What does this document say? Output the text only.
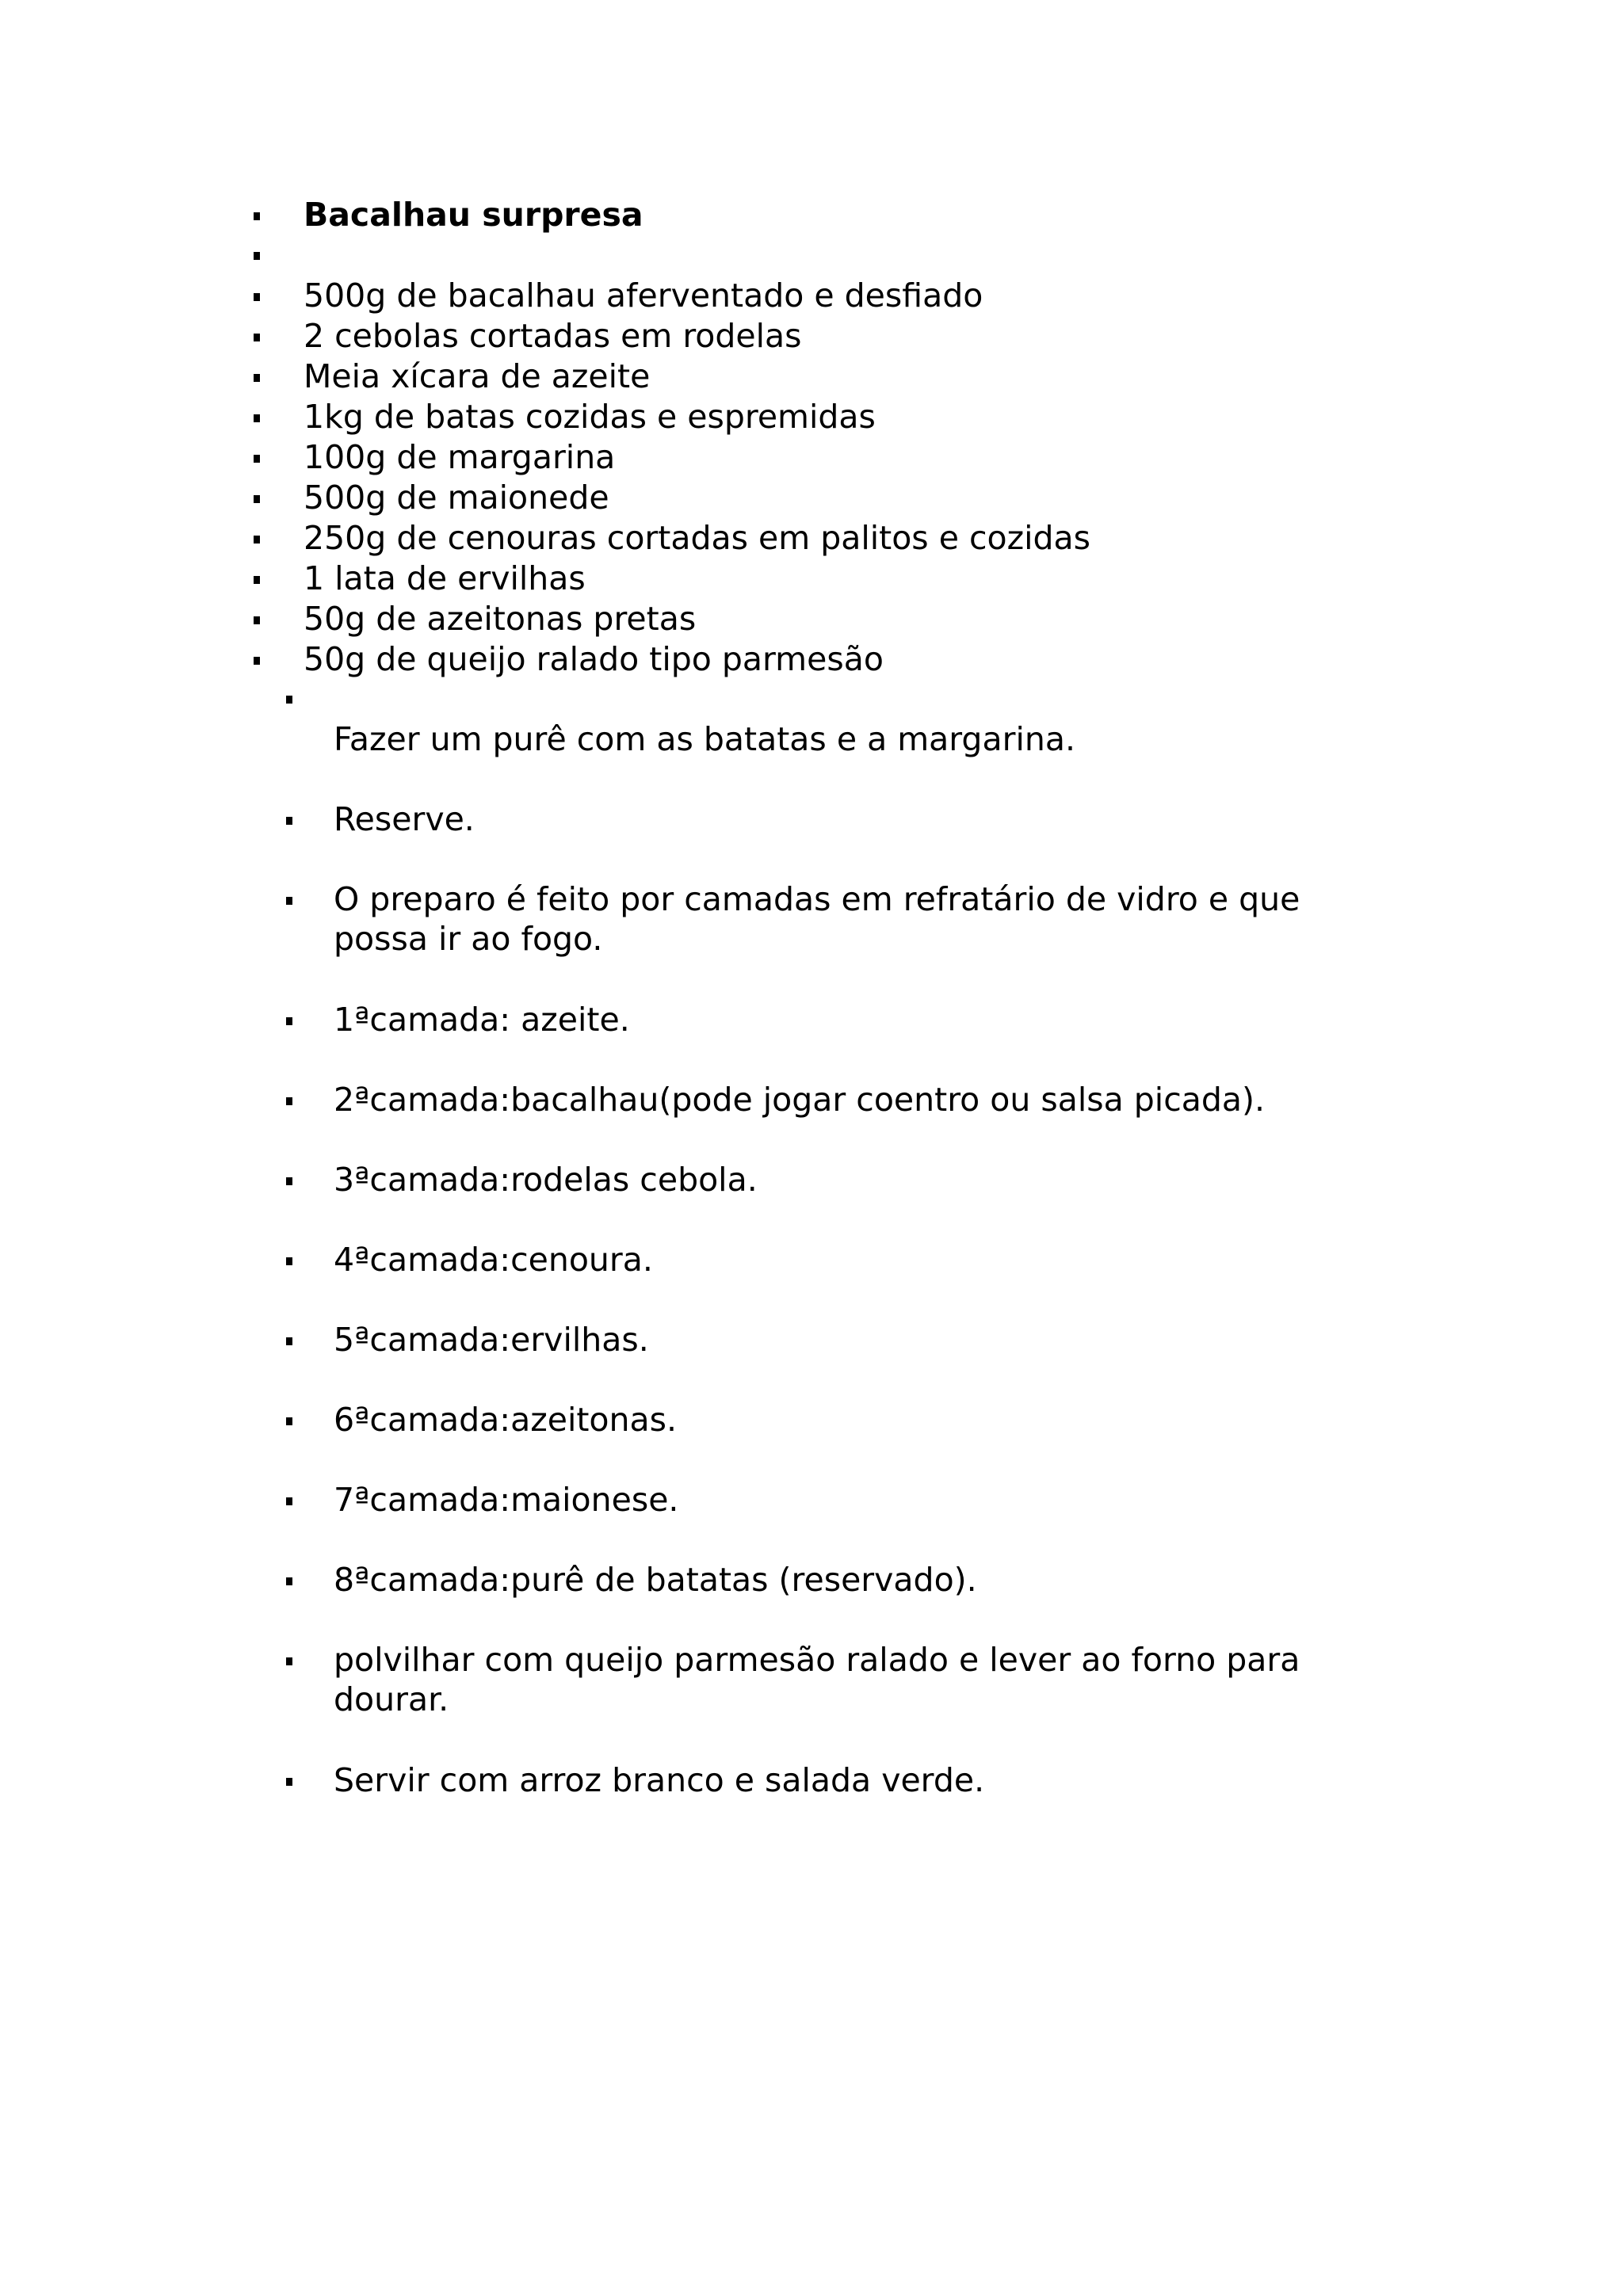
Bacalhau surpresa
500g de bacalhau aferventado e desfiado
2 cebolas cortadas em rodelas
Meia xícara de azeite
1kg de batas cozidas e espremidas
100g de margarina
500g de maionede
250g de cenouras cortadas em palitos e cozidas
1 lata de ervilhas
50g de azeitonas pretas
50g de queijo ralado tipo parmesão
Fazer um purê com as batatas e a margarina.
Reserve.
O preparo é feito por camadas em refratário de vidro e que possa ir ao fogo.
1ªcamada: azeite.
2ªcamada:bacalhau(pode jogar coentro ou salsa picada).
3ªcamada:rodelas cebola.
4ªcamada:cenoura.
5ªcamada:ervilhas.
6ªcamada:azeitonas.
7ªcamada:maionese.
8ªcamada:purê de batatas (reservado).
polvilhar com queijo parmesão ralado e lever ao forno para dourar.
Servir com arroz branco e salada verde.
